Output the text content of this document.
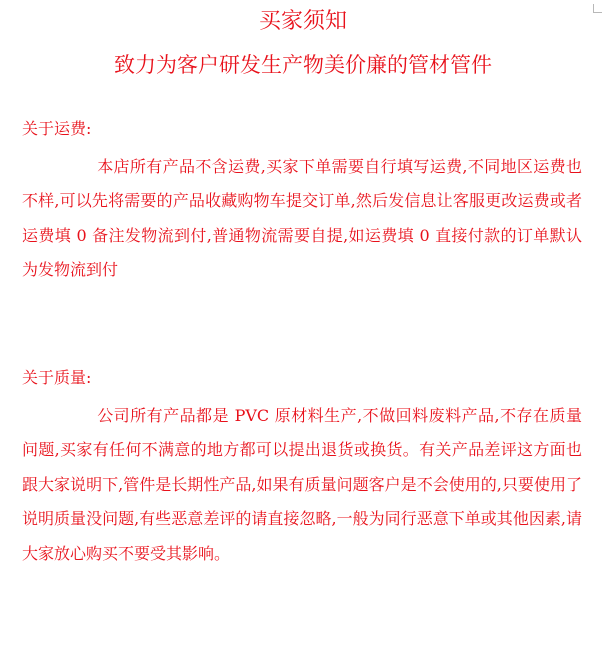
买家须知
致力为客户研发生产物美价廉的管材管件
关于运费:

本店所有产品不含运费,买家下单需要自行填写运费,不同地区运费也不样,可以先将需要的产品收藏购物车提交订单,然后发信息让客服更改运费或者运费填 0 备注发物流到付,普通物流需要自提,如运费填 0 直接付款的订单默认为发物流到付

关于质量:

公司所有产品都是 PVC 原材料生产,不做回料废料产品,不存在质量问题,买家有任何不满意的地方都可以提出退货或换货。有关产品差评这方面也跟大家说明下,管件是长期性产品,如果有质量问题客户是不会使用的,只要使用了说明质量没问题,有些恶意差评的请直接忽略,一般为同行恶意下单或其他因素,请大家放心购买不要受其影响。
